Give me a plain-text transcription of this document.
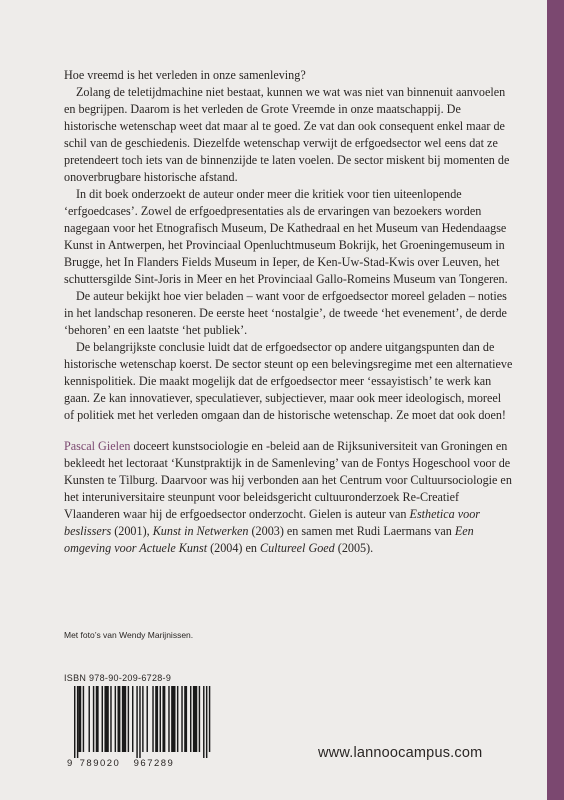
Hoe vreemd is het verleden in onze samenleving?

Zolang de teletijdmachine niet bestaat, kunnen we wat was niet van binnenuit aanvoelen en begrijpen. Daarom is het verleden de Grote Vreemde in onze maatschappij. De historische wetenschap weet dat maar al te goed. Ze vat dan ook consequent enkel maar de schil van de geschiedenis. Diezelfde wetenschap verwijt de erfgoedsector wel eens dat ze pretendeert toch iets van de binnenzijde te laten voelen. De sector miskent bij momenten de onoverbrugbare historische afstand.

In dit boek onderzoekt de auteur onder meer die kritiek voor tien uiteenlopende ‘erfgoedcases’. Zowel de erfgoedpresentaties als de ervaringen van bezoekers worden nagegaan voor het Etnografisch Museum, De Kathedraal en het Museum van Hedendaagse Kunst in Antwerpen, het Provinciaal Openluchtmuseum Bokrijk, het Groeningemuseum in Brugge, het In Flanders Fields Museum in Ieper, de Ken-Uw-Stad-Kwis over Leuven, het schuttersgilde Sint-Joris in Meer en het Provinciaal Gallo-Romeins Museum van Tongeren.

De auteur bekijkt hoe vier beladen – want voor de erfgoedsector moreel geladen – noties in het landschap resoneren. De eerste heet ‘nostalgie’, de tweede ‘het evenement’, de derde ‘behoren’ en een laatste ‘het publiek’.

De belangrijkste conclusie luidt dat de erfgoedsector op andere uitgangspunten dan de historische wetenschap koerst. De sector steunt op een belevingsregime met een alternatieve kennispolitiek. Die maakt mogelijk dat de erfgoedsector meer ‘essayistisch’ te werk kan gaan. Ze kan innovatiever, speculatiever, subjectiever, maar ook meer ideologisch, moreel of politiek met het verleden omgaan dan de historische wetenschap. Ze moet dat ook doen!

Pascal Gielen doceert kunstsociologie en -beleid aan de Rijksuniversiteit van Groningen en bekleedt het lectoraat ‘Kunstpraktijk in de Samenleving’ van de Fontys Hogeschool voor de Kunsten te Tilburg. Daarvoor was hij verbonden aan het Centrum voor Cultuursociologie en het interuniversitaire steunpunt voor beleidsgericht cultuuronderzoek Re-Creatief Vlaanderen waar hij de erfgoedsector onderzocht. Gielen is auteur van Esthetica voor beslissers (2001), Kunst in Netwerken (2003) en samen met Rudi Laermans van Een omgeving voor Actuele Kunst (2004) en Cultureel Goed (2005).

Met foto’s van Wendy Marijnissen.
ISBN 978-90-209-6728-9
9 789020 967289
www.lannoocampus.com
